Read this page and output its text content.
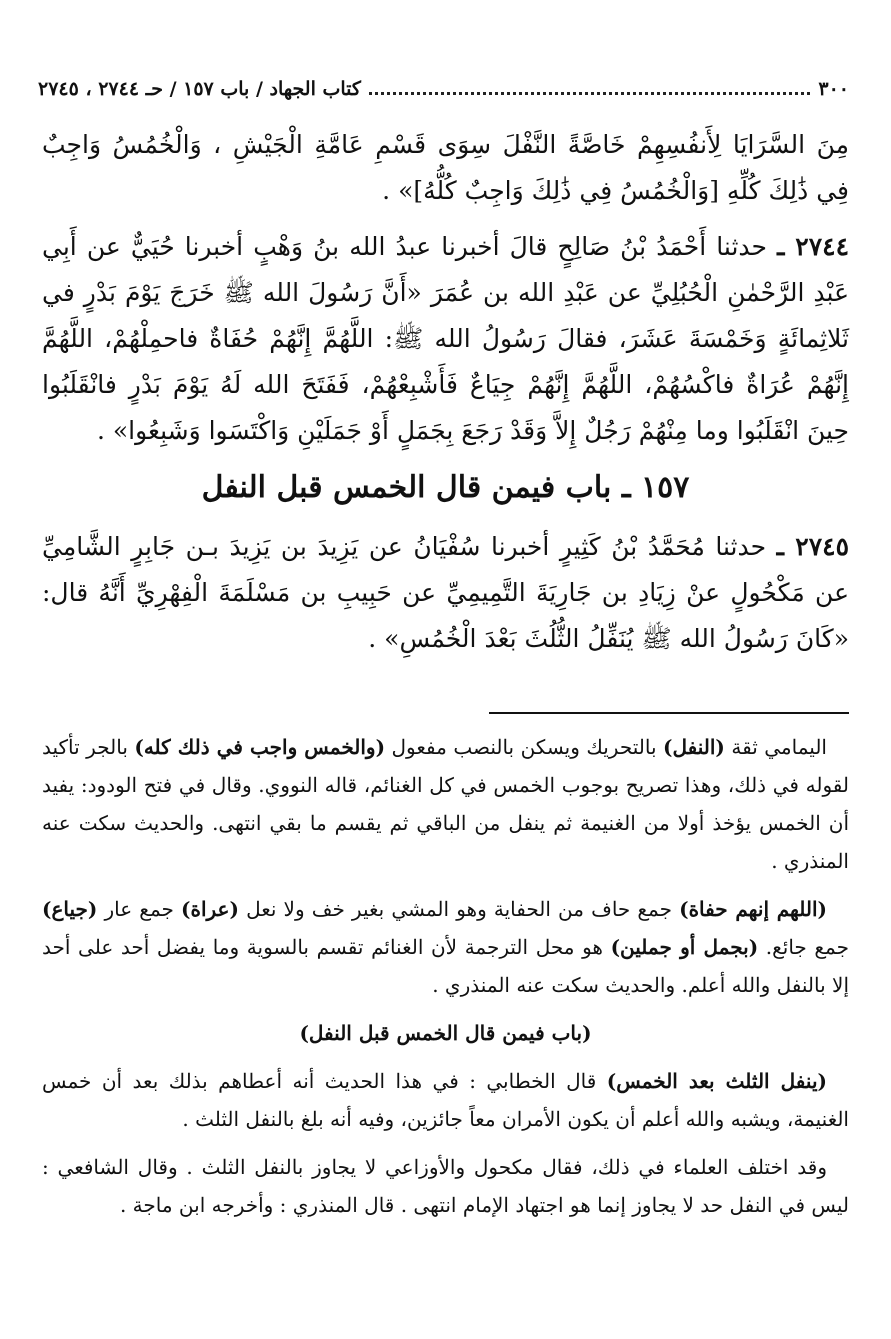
٣٠٠
كتاب الجهاد / باب ١٥٧ / حـ ٢٧٤٤ ، ٢٧٤٥

مِنَ السَّرَايَا لِأَنفُسِهِمْ خَاصَّةً النَّفْلَ سِوَى قَسْمِ عَامَّةِ الْجَيْشِ ، وَالْخُمُسُ وَاجِبٌ فِي ذَٰلِكَ كُلِّهِ [وَالْخُمُسُ فِي ذَٰلِكَ وَاجِبٌ كُلُّهُ]» .

٢٧٤٤ ـ حدثنا أَحْمَدُ بْنُ صَالِحٍ قالَ أخبرنا عبدُ الله بنُ وَهْبٍ أخبرنا حُيَيٌّ عن أَبِي عَبْدِ الرَّحْمٰنِ الْحُبُلِيِّ عن عَبْدِ الله بن عُمَرَ «أَنَّ رَسُولَ الله ﷺ خَرَجَ يَوْمَ بَدْرٍ في ثَلاثِمائَةٍ وَخَمْسَةَ عَشَرَ، فقالَ رَسُولُ الله ﷺ: اللَّهُمَّ إِنَّهُمْ حُفَاةٌ فاحمِلْهُمْ، اللَّهُمَّ إِنَّهُمْ عُرَاةٌ فاكْسُهُمْ، اللَّهُمَّ إِنَّهُمْ جِيَاعٌ فَأَشْبِعْهُمْ، فَفَتَحَ الله لَهُ يَوْمَ بَدْرٍ فانْقَلَبُوا حِينَ انْقَلَبُوا وما مِنْهُمْ رَجُلٌ إِلاَّ وَقَدْ رَجَعَ بِجَمَلٍ أَوْ جَمَلَيْنِ وَاكْتَسَوا وَشَبِعُوا» .

١٥٧ ـ باب فيمن قال الخمس قبل النفل

٢٧٤٥ ـ حدثنا مُحَمَّدُ بْنُ كَثِيرٍ أخبرنا سُفْيَانُ عن يَزِيدَ بن يَزِيدَ بـن جَابِرٍ الشَّامِيِّ عن مَكْحُولٍ عنْ زِيَادِ بن جَارِيَةَ التَّمِيمِيِّ عن حَبِيبِ بن مَسْلَمَةَ الْفِهْرِيِّ أَنَّهُ قال: «كَانَ رَسُولُ الله ﷺ يُنَفِّلُ الثُّلُثَ بَعْدَ الْخُمُسِ» .

اليمامي ثقة (النفل) بالتحريك ويسكن بالنصب مفعول (والخمس واجب في ذلك كله) بالجر تأكيد لقوله في ذلك، وهذا تصريح بوجوب الخمس في كل الغنائم، قاله النووي. وقال في فتح الودود: يفيد أن الخمس يؤخذ أولا من الغنيمة ثم ينفل من الباقي ثم يقسم ما بقي انتهى. والحديث سكت عنه المنذري .

(اللهم إنهم حفاة) جمع حاف من الحفاية وهو المشي بغير خف ولا نعل (عراة) جمع عار (جياع) جمع جائع. (بجمل أو جملين) هو محل الترجمة لأن الغنائم تقسم بالسوية وما يفضل أحد على أحد إلا بالنفل والله أعلم. والحديث سكت عنه المنذري .

(باب فيمن قال الخمس قبل النفل)

(ينفل الثلث بعد الخمس) قال الخطابي : في هذا الحديث أنه أعطاهم بذلك بعد أن خمس الغنيمة، ويشبه والله أعلم أن يكون الأمران معاً جائزين، وفيه أنه بلغ بالنفل الثلث .

وقد اختلف العلماء في ذلك، فقال مكحول والأوزاعي لا يجاوز بالنفل الثلث . وقال الشافعي : ليس في النفل حد لا يجاوز إنما هو اجتهاد الإمام انتهى . قال المنذري : وأخرجه ابن ماجة .
